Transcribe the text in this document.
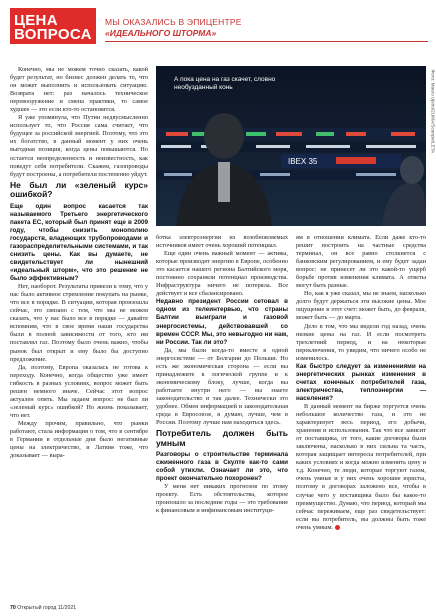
ЦЕНА ВОПРОСА
МЫ ОКАЗАЛИСЬ В ЭПИЦЕНТРЕ
«ИДЕАЛЬНОГО ШТОРМА»

Конечно, мы не можем точно сказать, какой будет результат, но бизнес должен делать то, что он может выполнить и использовать ситуацию. Возврата нет: раз началось техническое перевооружение и смена практики, то самое худшее — это если кто-то остановится.

Я уже упомянула, что Путин недвусмысленно использует то, что Россия сама считает, что будущее за российской энергией. Поэтому, что это их богатство, в данный момент у них очень выгодная позиция, когда цены повышаются. Но остается неопределенность и неизвестность, как поведут себя потребители. Скажем, газопроводы будут построены, а потребители постепенно уйдут.

Не был ли «зеленый курс» ошибкой?

Еще один вопрос касается так называемого Третьего энергетического пакета ЕС, который был принят еще в 2009 году, чтобы снизить монополию государств, владеющих трубопроводами и газораспределительными системами, и так снизить цены. Как вы думаете, не свидетельствует ли нынешний «идеальный шторм», что это решение не было эффективным?

Нет, наоборот. Результаты привели к тому, что у нас было активное стремление покупать на рынке, что все в порядке. В ситуации, которая произошла сейчас, это связано с тем, что мы не можем сказать, что у нас было все в порядке — давайте вспомним, что в свое время наши государства были в полной зависимости от того, кто им поставлял газ. Поэтому было очень важно, чтобы рынок был открыт и ему было бы доступно предложение.

Да, поэтому, Европа оказалась не готова к переходу. Конечно, когда общество уже имеет гибкость в разных условиях, вопрос может быть решен немного иначе. Сейчас этот вопрос актуален опять. Мы задаем вопрос: не был ли «зеленый курс» ошибкой? Но жизнь показывает, что нет.

Между прочим, правильно, что рынки работают, стала информация о том, что в сентябре в Германии в отдельные дни было негативные цены на электричество, и Латвия тоже, что доказывает — выра-

IBEX 35
А пока цена на газ скачет, словно необузданный конь	Фото: Mauro Ujetto/ZUMA/Scanpix/LETA

ботка электроэнергии из возобновляемых источников имеет очень хороший потенциал.

Еще один очень важный момент — активы, которые производят энергию в Европе, особенно это касается нашего региона Балтийского моря, постоянно сохраняли потенциал производства. Инфраструктура ничего не потеряла. Все действует и все сбалансировано.

Недавно президент России сетовал в одном из телеинтервью, что страны Балтии выиграли и газовой энергосистемы, действовавшей со времен СССР. Мы, это невыгодно ни нам, ни России. Так ли это?

Да, мы были когда-то вместе в одной энергосистеме — от Болгарии до Польши. Но есть же экономическая сторона — если вы принадлежите к логической группе и к экономическому блоку, лучше, когда вы работаете внутри него — вы знаете законодательство и так далее. Технически это удобнее. Обмен информацией и законодательная среда в Евросоюзе, я думаю, лучше, чем в России. Поэтому лучше нам находиться здесь.

Потребитель должен быть умным

Разговоры о строительстве терминала сжиженного газа в Скулте как-то сами собой утихли. Означает ли это, что проект окончательно похоронен?

У меня нет никаких прогнозов по этому проекту. Есть обстоятельства, которое произошло за последние годы — это требование к финансовым и инфинансовым институци-

ям в отношении климата. Если даже кто-то решит построить на частные средства терминал, он все равно столкнется с банковским регулированием, и ему будет задан вопрос: не принесет ли это какой-то ущерб борьбе против изменения климата. А ответы могут быть разные.

Но, как я уже сказал, мы не знаем, насколько долго будут держаться эти высокие цены. Мое ощущение в этот счет: может быть, до февраля, может быть — до марта.

Дело в том, что мы видели год назад, очень низкие цены на газ. И если посмотреть трехлетний период, и на некоторые переключения, то увидим, что ничего особо не изменилось.

Как быстро следует за изменениями на энергетических рынках изменения в счетах конечных потребителей газа, электричества, теплоэнергии — населения?

В данный момент на бирже торгуется очень небольшое количество газа, и это не характеризует весь период, его добычи, хранения и использования. Так что все зависит от поставщика, от того, какие договоры были заключены, насколько в них сильна та часть, которая защищает интересы потребителей, при каких условиях и когда можно изменить цену и т.д. Конечно, те люди, которые торгуют газом, очень умные и у них очень хорошие юристы, поэтому в договорах заложено все, чтобы в случае чего у поставщика было бы какое-то преимущество. Думаю, что период, который мы сейчас переживаем, еще раз свидетельствует: если вы потребитель, вы должны быть тоже очень умным.

70 Открытый город 11/2021
